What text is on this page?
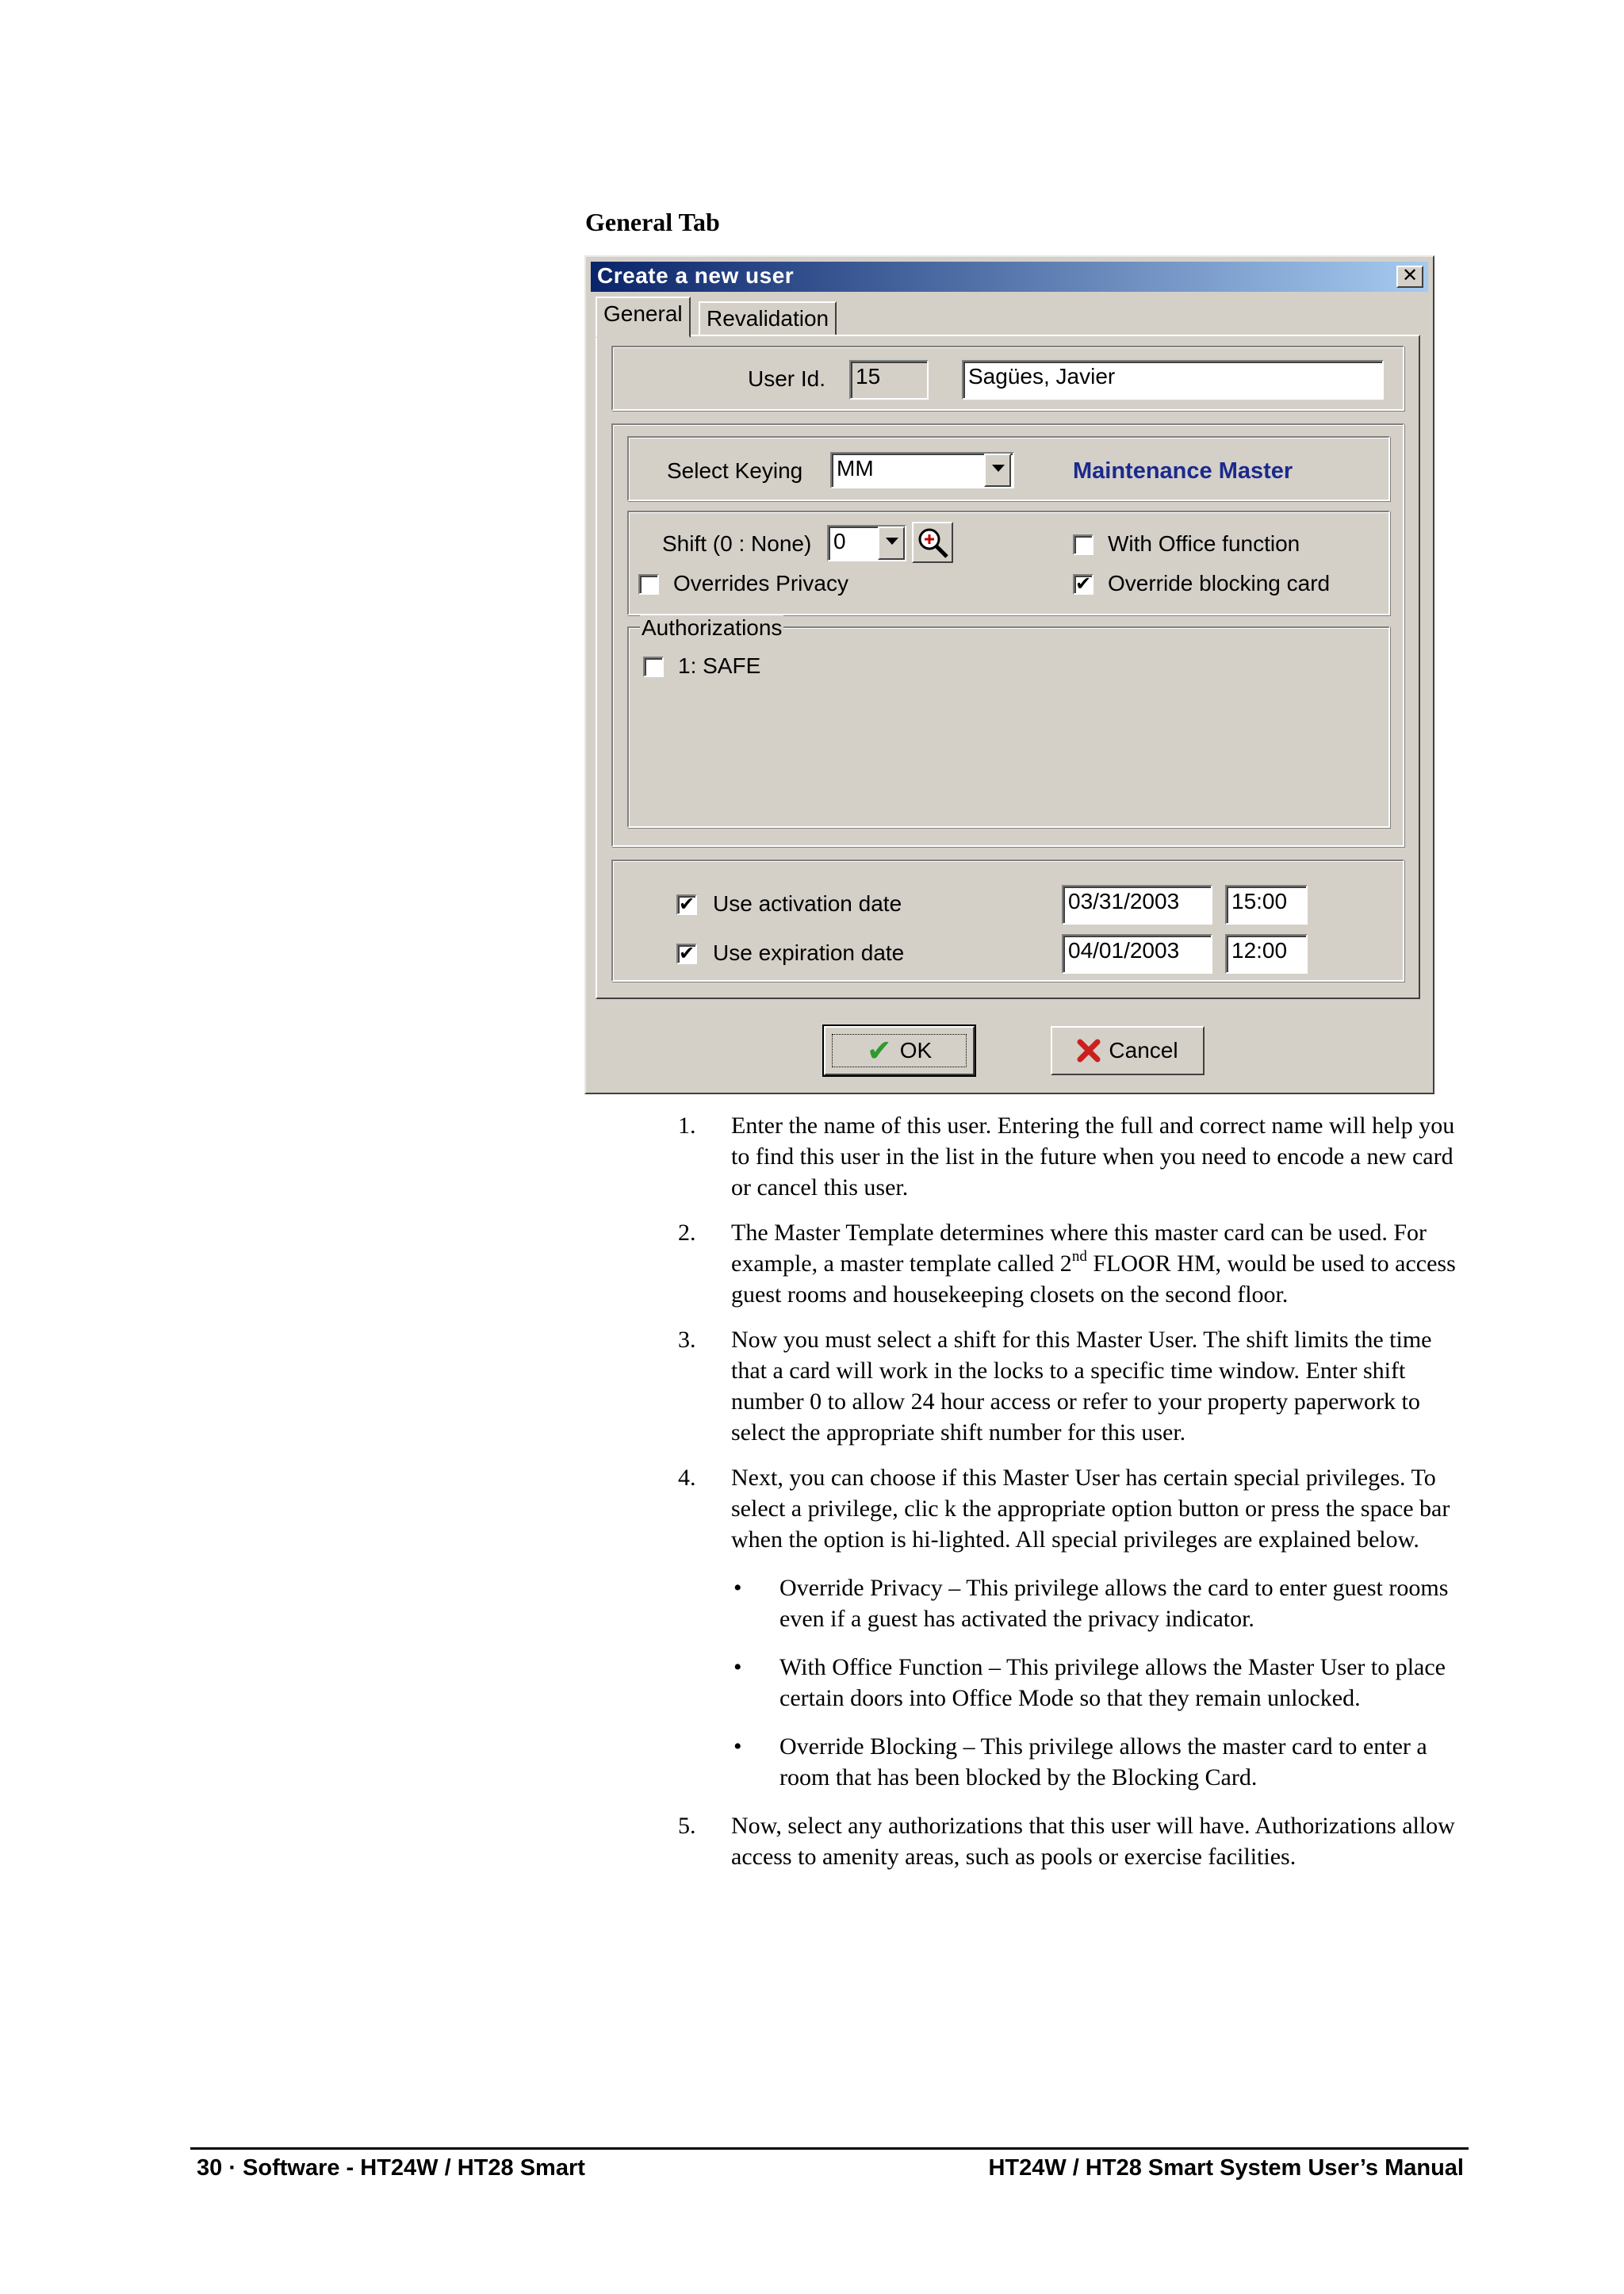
General Tab
Create a new user	✕
General	Revalidation
User Id. 15	Sagües, Javier
Select Keying MM	Maintenance Master
Shift (0 : None) 0	With Office function
Overrides Privacy	✔ Override blocking card
Authorizations
1: SAFE
✔ Use activation date	03/31/2003	15:00
✔ Use expiration date	04/01/2003	12:00
✔ OK	Cancel
1. Enter the name of this user. Entering the full and correct name will help you to find this user in the list in the future when you need to encode a new card or cancel this user.
2. The Master Template determines where this master card can be used. For example, a master template called 2nd FLOOR HM, would be used to access guest rooms and housekeeping closets on the second floor.
3. Now you must select a shift for this Master User. The shift limits the time that a card will work in the locks to a specific time window. Enter shift number 0 to allow 24 hour access or refer to your property paperwork to select the appropriate shift number for this user.
4. Next, you can choose if this Master User has certain special privileges. To select a privilege, clic k the appropriate option button or press the space bar when the option is hi-lighted. All special privileges are explained below.
• Override Privacy – This privilege allows the card to enter guest rooms even if a guest has activated the privacy indicator.
• With Office Function – This privilege allows the Master User to place certain doors into Office Mode so that they remain unlocked.
• Override Blocking – This privilege allows the master card to enter a room that has been blocked by the Blocking Card.
5. Now, select any authorizations that this user will have. Authorizations allow access to amenity areas, such as pools or exercise facilities.
30 · Software - HT24W / HT28 Smart	HT24W / HT28 Smart System User’s Manual
